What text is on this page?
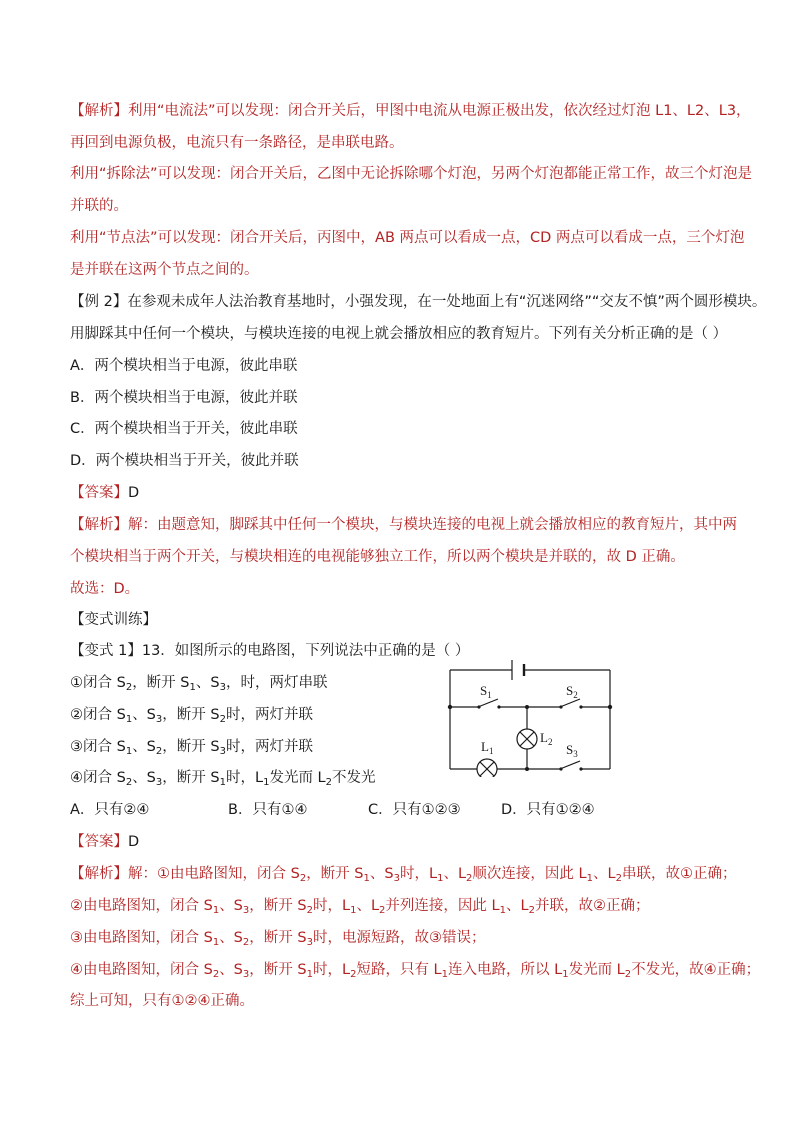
【解析】利用“电流法”可以发现：闭合开关后，甲图中电流从电源正极出发，依次经过灯泡 L1、L2、L3，
再回到电源负极，电流只有一条路径，是串联电路。
利用“拆除法”可以发现：闭合开关后，乙图中无论拆除哪个灯泡，另两个灯泡都能正常工作，故三个灯泡是
并联的。
利用“节点法”可以发现：闭合开关后，丙图中，AB 两点可以看成一点，CD 两点可以看成一点，三个灯泡
是并联在这两个节点之间的。
【例 2】在参观未成年人法治教育基地时，小强发现，在一处地面上有“沉迷网络”“交友不慎”两个圆形模块。
用脚踩其中任何一个模块，与模块连接的电视上就会播放相应的教育短片。下列有关分析正确的是（ ）
A．两个模块相当于电源，彼此串联
B．两个模块相当于电源，彼此并联
C．两个模块相当于开关，彼此串联
D．两个模块相当于开关，彼此并联
【答案】D
【解析】解：由题意知，脚踩其中任何一个模块，与模块连接的电视上就会播放相应的教育短片，其中两
个模块相当于两个开关，与模块相连的电视能够独立工作，所以两个模块是并联的，故 D 正确。
故选：D。
【变式训练】
【变式 1】13．如图所示的电路图，下列说法中正确的是（ ）
①闭合 $S_2$，断开 $S_1$、$S_3$，时，两灯串联
②闭合 $S_1$、$S_3$，断开 $S_2$时，两灯并联
③闭合 $S_1$、$S_2$，断开 $S_3$时，两灯并联
④闭合 $S_2$、$S_3$，断开 $S_1$时，$L_1$发光而 $L_2$不发光
A．只有②④	B．只有①④	C．只有①②③	D．只有①②④
【答案】D
【解析】解：①由电路图知，闭合 $S_2$，断开 $S_1$、$S_3$时，$L_1$、$L_2$顺次连接，因此 $L_1$、$L_2$串联，故①正确；
②由电路图知，闭合 $S_1$、$S_3$，断开 $S_2$时，$L_1$、$L_2$并列连接，因此 $L_1$、$L_2$并联，故②正确；
③由电路图知，闭合 $S_1$、$S_2$，断开 $S_3$时，电源短路，故③错误；
④由电路图知，闭合 $S_2$、$S_3$，断开 $S_1$时，$L_2$短路，只有 $L_1$连入电路，所以 $L_1$发光而 $L_2$不发光，故④正确；
综上可知，只有①②④正确。
$S_1$	$S_2$
$S_3$
$L_1$
$L_2$
